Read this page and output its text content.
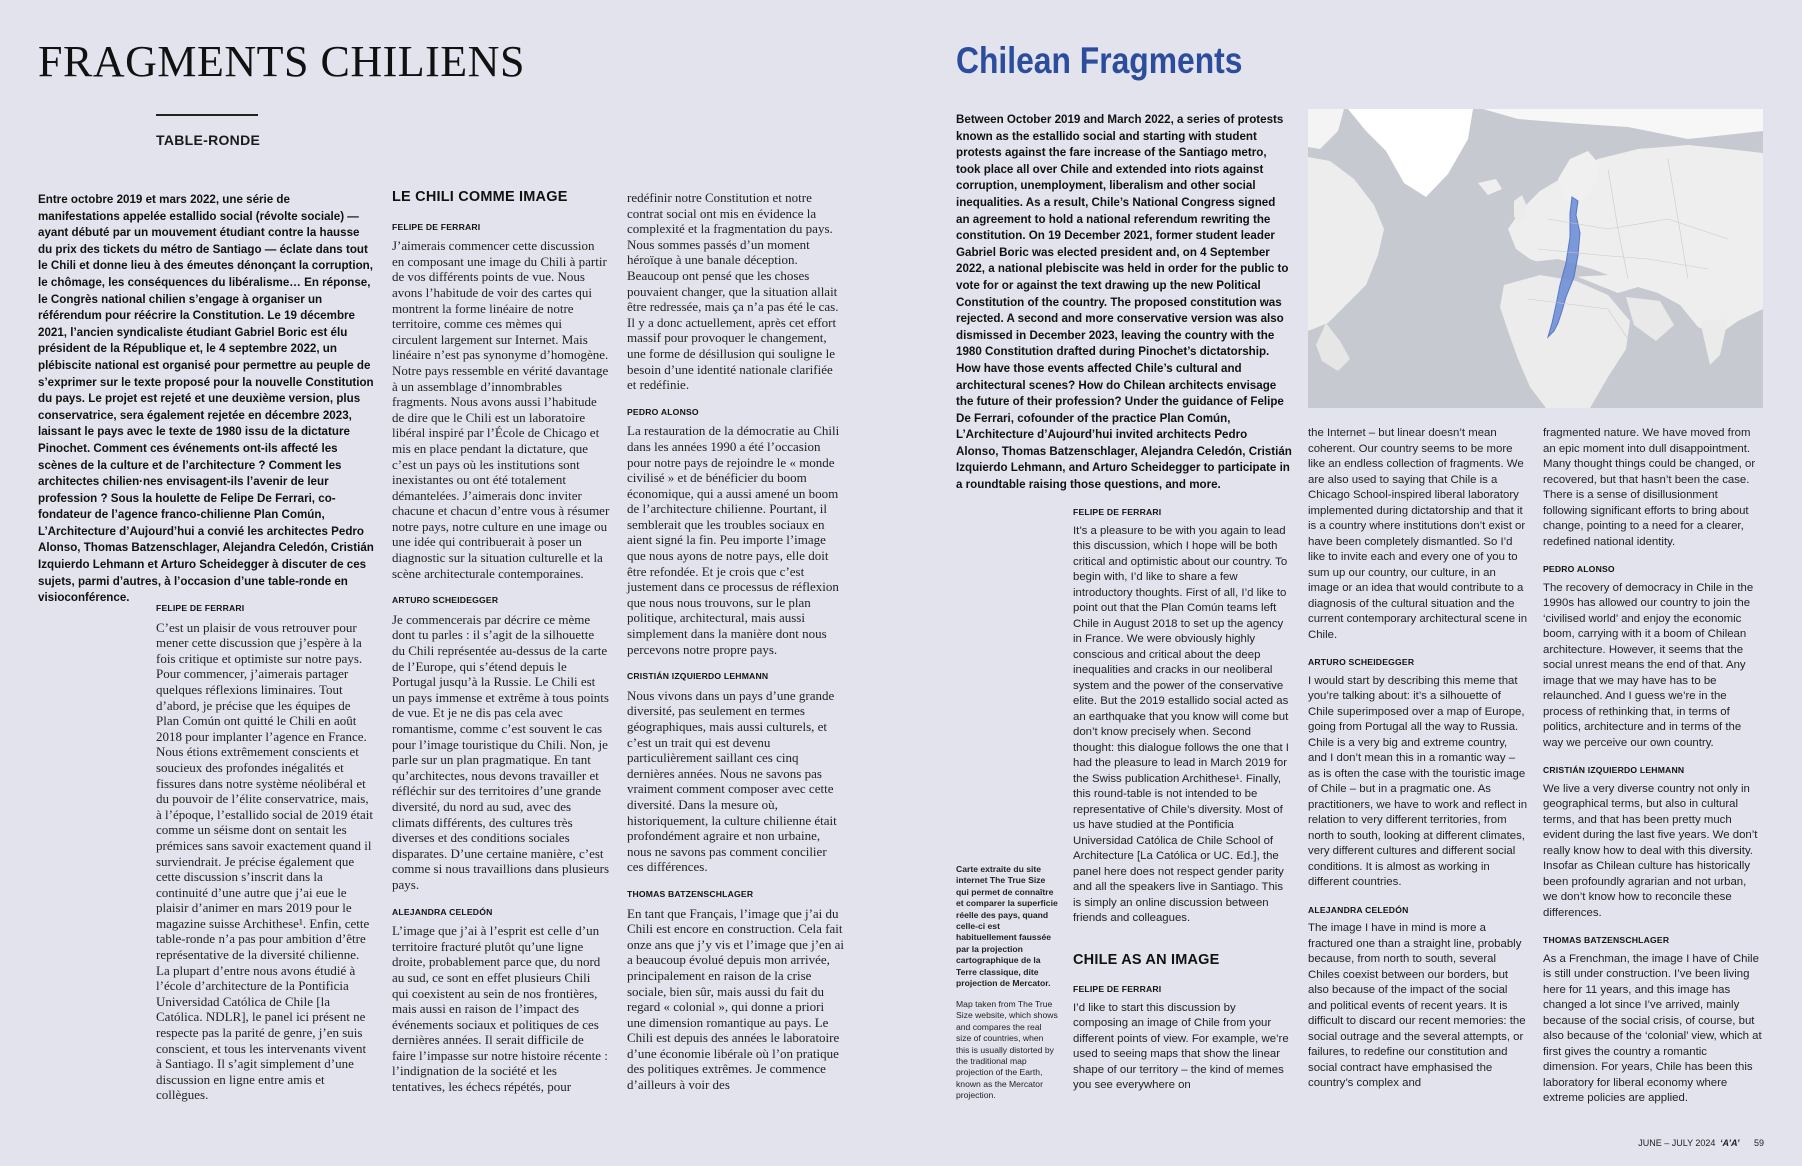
FRAGMENTS CHILIENS
TABLE-RONDE

Entre octobre 2019 et mars 2022, une série de manifestations appelée estallido social (révolte sociale) — ayant débuté par un mouvement étudiant contre la hausse du prix des tickets du métro de Santiago — éclate dans tout le Chili et donne lieu à des émeutes dénonçant la corruption, le chômage, les conséquences du libéralisme… En réponse, le Congrès national chilien s’engage à organiser un référendum pour réécrire la Constitution. Le 19 décembre 2021, l’ancien syndicaliste étudiant Gabriel Boric est élu président de la République et, le 4 septembre 2022, un plébiscite national est organisé pour permettre au peuple de s’exprimer sur le texte proposé pour la nouvelle Constitution du pays. Le projet est rejeté et une deuxième version, plus conservatrice, sera également rejetée en décembre 2023, laissant le pays avec le texte de 1980 issu de la dictature Pinochet. Comment ces événements ont-ils affecté les scènes de la culture et de l’architecture ? Comment les architectes chilien·nes envisagent-ils l’avenir de leur profession ? Sous la houlette de Felipe De Ferrari, co-fondateur de l’agence franco-chilienne Plan Común, L’Architecture d’Aujourd’hui a convié les architectes Pedro Alonso, Thomas Batzenschlager, Alejandra Celedón, Cristián Izquierdo Lehmann et Arturo Scheidegger à discuter de ces sujets, parmi d’autres, à l’occasion d’une table-ronde en visioconférence.

FELIPE DE FERRARI

C’est un plaisir de vous retrouver pour mener cette discussion que j’espère à la fois critique et optimiste sur notre pays. Pour commencer, j’aimerais partager quelques réflexions liminaires. Tout d’abord, je précise que les équipes de Plan Común ont quitté le Chili en août 2018 pour implanter l’agence en France. Nous étions extrêmement conscients et soucieux des profondes inégalités et fissures dans notre système néolibéral et du pouvoir de l’élite conservatrice, mais, à l’époque, l’estallido social de 2019 était comme un séisme dont on sentait les prémices sans savoir exactement quand il surviendrait. Je précise également que cette discussion s’inscrit dans la continuité d’une autre que j’ai eue le plaisir d’animer en mars 2019 pour le magazine suisse Archithese¹. Enfin, cette table-ronde n’a pas pour ambition d’être représentative de la diversité chilienne. La plupart d’entre nous avons étudié à l’école d’architecture de la Pontificia Universidad Católica de Chile [la Católica. NDLR], le panel ici présent ne respecte pas la parité de genre, j’en suis conscient, et tous les intervenants vivent à Santiago. Il s’agit simplement d’une discussion en ligne entre amis et collègues.

LE CHILI COMME IMAGE
FELIPE DE FERRARI

J’aimerais commencer cette discussion en composant une image du Chili à partir de vos différents points de vue. Nous avons l’habitude de voir des cartes qui montrent la forme linéaire de notre territoire, comme ces mèmes qui circulent largement sur Internet. Mais linéaire n’est pas synonyme d’homogène. Notre pays ressemble en vérité davantage à un assemblage d’innombrables fragments. Nous avons aussi l’habitude de dire que le Chili est un laboratoire libéral inspiré par l’École de Chicago et mis en place pendant la dictature, que c’est un pays où les institutions sont inexistantes ou ont été totalement démantelées. J’aimerais donc inviter chacune et chacun d’entre vous à résumer notre pays, notre culture en une image ou une idée qui contribuerait à poser un diagnostic sur la situation culturelle et la scène architecturale contemporaines.

ARTURO SCHEIDEGGER

Je commencerais par décrire ce mème dont tu parles : il s’agit de la silhouette du Chili représentée au-dessus de la carte de l’Europe, qui s’étend depuis le Portugal jusqu’à la Russie. Le Chili est un pays immense et extrême à tous points de vue. Et je ne dis pas cela avec romantisme, comme c’est souvent le cas pour l’image touristique du Chili. Non, je parle sur un plan pragmatique. En tant qu’architectes, nous devons travailler et réfléchir sur des territoires d’une grande diversité, du nord au sud, avec des climats différents, des cultures très diverses et des conditions sociales disparates. D’une certaine manière, c’est comme si nous travaillions dans plusieurs pays.

ALEJANDRA CELEDÓN

L’image que j’ai à l’esprit est celle d’un territoire fracturé plutôt qu’une ligne droite, probablement parce que, du nord au sud, ce sont en effet plusieurs Chili qui coexistent au sein de nos frontières, mais aussi en raison de l’impact des événements sociaux et politiques de ces dernières années. Il serait difficile de faire l’impasse sur notre histoire récente : l’indignation de la société et les tentatives, les échecs répétés, pour

redéfinir notre Constitution et notre contrat social ont mis en évidence la complexité et la fragmentation du pays. Nous sommes passés d’un moment héroïque à une banale déception. Beaucoup ont pensé que les choses pouvaient changer, que la situation allait être redressée, mais ça n’a pas été le cas. Il y a donc actuellement, après cet effort massif pour provoquer le changement, une forme de désillusion qui souligne le besoin d’une identité nationale clarifiée et redéfinie.

PEDRO ALONSO

La restauration de la démocratie au Chili dans les années 1990 a été l’occasion pour notre pays de rejoindre le « monde civilisé » et de bénéficier du boom économique, qui a aussi amené un boom de l’architecture chilienne. Pourtant, il semblerait que les troubles sociaux en aient signé la fin. Peu importe l’image que nous ayons de notre pays, elle doit être refondée. Et je crois que c’est justement dans ce processus de réflexion que nous nous trouvons, sur le plan politique, architectural, mais aussi simplement dans la manière dont nous percevons notre propre pays.

CRISTIÁN IZQUIERDO LEHMANN

Nous vivons dans un pays d’une grande diversité, pas seulement en termes géographiques, mais aussi culturels, et c’est un trait qui est devenu particulièrement saillant ces cinq dernières années. Nous ne savons pas vraiment comment composer avec cette diversité. Dans la mesure où, historiquement, la culture chilienne était profondément agraire et non urbaine, nous ne savons pas comment concilier ces différences.

THOMAS BATZENSCHLAGER

En tant que Français, l’image que j’ai du Chili est encore en construction. Cela fait onze ans que j’y vis et l’image que j’en ai a beaucoup évolué depuis mon arrivée, principalement en raison de la crise sociale, bien sûr, mais aussi du fait du regard « colonial », qui donne a priori une dimension romantique au pays. Le Chili est depuis des années le laboratoire d’une économie libérale où l’on pratique des politiques extrêmes. Je commence d’ailleurs à voir des

Chilean Fragments

Between October 2019 and March 2022, a series of protests known as the estallido social and starting with student protests against the fare increase of the Santiago metro, took place all over Chile and extended into riots against corruption, unemployment, liberalism and other social inequalities. As a result, Chile’s National Congress signed an agreement to hold a national referendum rewriting the constitution. On 19 December 2021, former student leader Gabriel Boric was elected president and, on 4 September 2022, a national plebiscite was held in order for the public to vote for or against the text drawing up the new Political Constitution of the country. The proposed constitution was rejected. A second and more conservative version was also dismissed in December 2023, leaving the country with the 1980 Constitution drafted during Pinochet’s dictatorship. How have those events affected Chile’s cultural and architectural scenes? How do Chilean architects envisage the future of their profession? Under the guidance of Felipe De Ferrari, cofounder of the practice Plan Común, L’Architecture d’Aujourd’hui invited architects Pedro Alonso, Thomas Batzenschlager, Alejandra Celedón, Cristián Izquierdo Lehmann, and Arturo Scheidegger to participate in a roundtable raising those questions, and more.

Carte extraite du site internet The True Size qui permet de connaître et comparer la superficie réelle des pays, quand celle-ci est habituellement faussée par la projection cartographique de la Terre classique, dite projection de Mercator.
Map taken from The True Size website, which shows and compares the real size of countries, when this is usually distorted by the traditional map projection of the Earth, known as the Mercator projection.
FELIPE DE FERRARI

It’s a pleasure to be with you again to lead this discussion, which I hope will be both critical and optimistic about our country. To begin with, I’d like to share a few introductory thoughts. First of all, I’d like to point out that the Plan Común teams left Chile in August 2018 to set up the agency in France. We were obviously highly conscious and critical about the deep inequalities and cracks in our neoliberal system and the power of the conservative elite. But the 2019 estallido social acted as an earthquake that you know will come but don’t know precisely when. Second thought: this dialogue follows the one that I had the pleasure to lead in March 2019 for the Swiss publication Archithese¹. Finally, this round-table is not intended to be representative of Chile’s diversity. Most of us have studied at the Pontificia Universidad Católica de Chile School of Architecture [La Católica or UC. Ed.], the panel here does not respect gender parity and all the speakers live in Santiago. This is simply an online discussion between friends and colleagues.

CHILE AS AN IMAGE
FELIPE DE FERRARI

I’d like to start this discussion by composing an image of Chile from your different points of view. For example, we’re used to seeing maps that show the linear shape of our territory – the kind of memes you see everywhere on

the Internet – but linear doesn’t mean coherent. Our country seems to be more like an endless collection of fragments. We are also used to saying that Chile is a Chicago School-inspired liberal laboratory implemented during dictatorship and that it is a country where institutions don’t exist or have been completely dismantled. So I’d like to invite each and every one of you to sum up our country, our culture, in an image or an idea that would contribute to a diagnosis of the cultural situation and the current contemporary architectural scene in Chile.

ARTURO SCHEIDEGGER

I would start by describing this meme that you’re talking about: it’s a silhouette of Chile superimposed over a map of Europe, going from Portugal all the way to Russia. Chile is a very big and extreme country, and I don’t mean this in a romantic way – as is often the case with the touristic image of Chile – but in a pragmatic one. As practitioners, we have to work and reflect in relation to very different territories, from north to south, looking at different climates, very different cultures and different social conditions. It is almost as working in different countries.

ALEJANDRA CELEDÓN

The image I have in mind is more a fractured one than a straight line, probably because, from north to south, several Chiles coexist between our borders, but also because of the impact of the social and political events of recent years. It is difficult to discard our recent memories: the social outrage and the several attempts, or failures, to redefine our constitution and social contract have emphasised the country’s complex and

fragmented nature. We have moved from an epic moment into dull disappointment. Many thought things could be changed, or recovered, but that hasn’t been the case. There is a sense of disillusionment following significant efforts to bring about change, pointing to a need for a clearer, redefined national identity.

PEDRO ALONSO

The recovery of democracy in Chile in the 1990s has allowed our country to join the ‘civilised world’ and enjoy the economic boom, carrying with it a boom of Chilean architecture. However, it seems that the social unrest means the end of that. Any image that we may have has to be relaunched. And I guess we’re in the process of rethinking that, in terms of politics, architecture and in terms of the way we perceive our own country.

CRISTIÁN IZQUIERDO LEHMANN

We live a very diverse country not only in geographical terms, but also in cultural terms, and that has been pretty much evident during the last five years. We don’t really know how to deal with this diversity. Insofar as Chilean culture has historically been profoundly agrarian and not urban, we don’t know how to reconcile these differences.

THOMAS BATZENSCHLAGER

As a Frenchman, the image I have of Chile is still under construction. I’ve been living here for 11 years, and this image has changed a lot since I’ve arrived, mainly because of the social crisis, of course, but also because of the ‘colonial’ view, which at first gives the country a romantic dimension. For years, Chile has been this laboratory for liberal economy where extreme policies are applied.

JUNE – JULY 2024 ‘A’A’ 59
